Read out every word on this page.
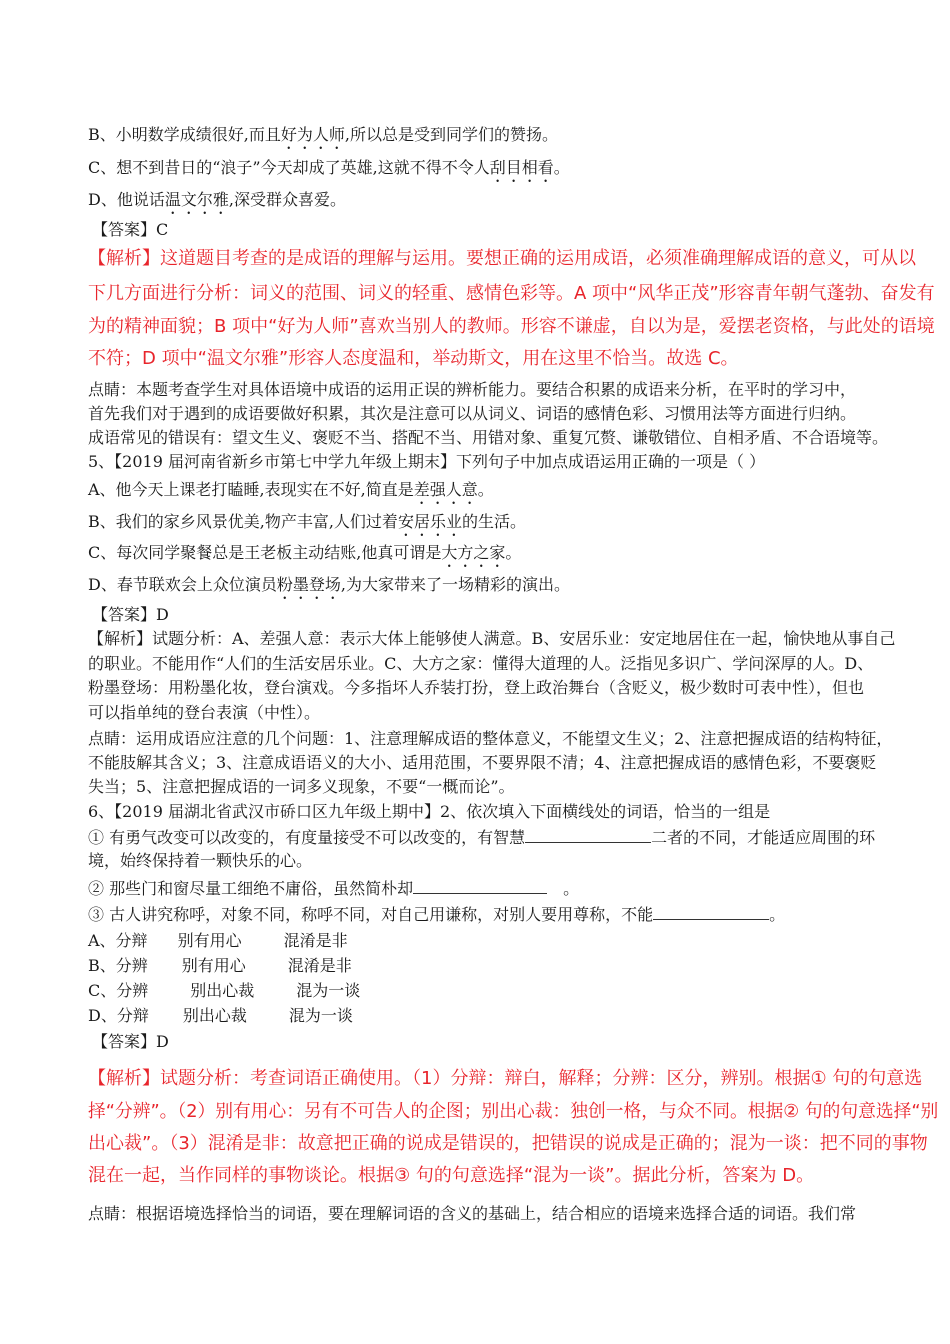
B、小明数学成绩很好,而且好为人师,所以总是受到同学们的赞扬。
C、想不到昔日的“浪子”今天却成了英雄,这就不得不令人刮目相看。
D、他说话温文尔雅,深受群众喜爱。
【答案】C
【解析】这道题目考查的是成语的理解与运用。要想正确的运用成语，必须准确理解成语的意义，可从以
下几方面进行分析：词义的范围、词义的轻重、感情色彩等。A 项中“风华正茂”形容青年朝气蓬勃、奋发有
为的精神面貌；B 项中“好为人师”喜欢当别人的教师。形容不谦虚，自以为是，爱摆老资格，与此处的语境
不符；D 项中“温文尔雅”形容人态度温和，举动斯文，用在这里不恰当。故选 C。
点睛：本题考查学生对具体语境中成语的运用正误的辨析能力。要结合积累的成语来分析，在平时的学习中，
首先我们对于遇到的成语要做好积累，其次是注意可以从词义、词语的感情色彩、习惯用法等方面进行归纳。
成语常见的错误有：望文生义、褒贬不当、搭配不当、用错对象、重复冗赘、谦敬错位、自相矛盾、不合语境等。
5、【2019 届河南省新乡市第七中学九年级上期末】下列句子中加点成语运用正确的一项是（ ）
A、他今天上课老打瞌睡,表现实在不好,简直是差强人意。
B、我们的家乡风景优美,物产丰富,人们过着安居乐业的生活。
C、每次同学聚餐总是王老板主动结账,他真可谓是大方之家。
D、春节联欢会上众位演员粉墨登场,为大家带来了一场精彩的演出。
【答案】D
【解析】试题分析：A、差强人意：表示大体上能够使人满意。B、安居乐业：安定地居住在一起，愉快地从事自己
的职业。不能用作“人们的生活安居乐业。C、大方之家：懂得大道理的人。泛指见多识广、学问深厚的人。D、
粉墨登场：用粉墨化妆，登台演戏。今多指坏人乔装打扮，登上政治舞台（含贬义，极少数时可表中性），但也
可以指单纯的登台表演（中性）。
点睛：运用成语应注意的几个问题：1、注意理解成语的整体意义，不能望文生义；2、注意把握成语的结构特征，
不能肢解其含义；3、注意成语语义的大小、适用范围，不要界限不清；4、注意把握成语的感情色彩，不要褒贬
失当；5、注意把握成语的一词多义现象，不要“一概而论”。
6、【2019 届湖北省武汉市硚口区九年级上期中】2、依次填入下面横线处的词语，恰当的一组是
① 有勇气改变可以改变的，有度量接受不可以改变的，有智慧	二者的不同，才能适应周围的环
境，始终保持着一颗快乐的心。
② 那些门和窗尽量工细绝不庸俗，虽然简朴却	。
③ 古人讲究称呼，对象不同，称呼不同，对自己用谦称，对别人要用尊称，不能	。
A、分辩 别有用心	混淆是非
B、分辨 别有用心	混淆是非
C、分辨	别出心裁	混为一谈
D、分辩 别出心裁	混为一谈
【答案】D
【解析】试题分析：考查词语正确使用。（1）分辩：辩白，解释；分辨：区分，辨别。根据① 句的句意选
择“分辨”。（2）别有用心：另有不可告人的企图；别出心裁：独创一格，与众不同。根据② 句的句意选择“别
出心裁”。（3）混淆是非：故意把正确的说成是错误的，把错误的说成是正确的；混为一谈：把不同的事物
混在一起，当作同样的事物谈论。根据③ 句的句意选择“混为一谈”。据此分析，答案为 D。
点睛：根据语境选择恰当的词语，要在理解词语的含义的基础上，结合相应的语境来选择合适的词语。我们常
